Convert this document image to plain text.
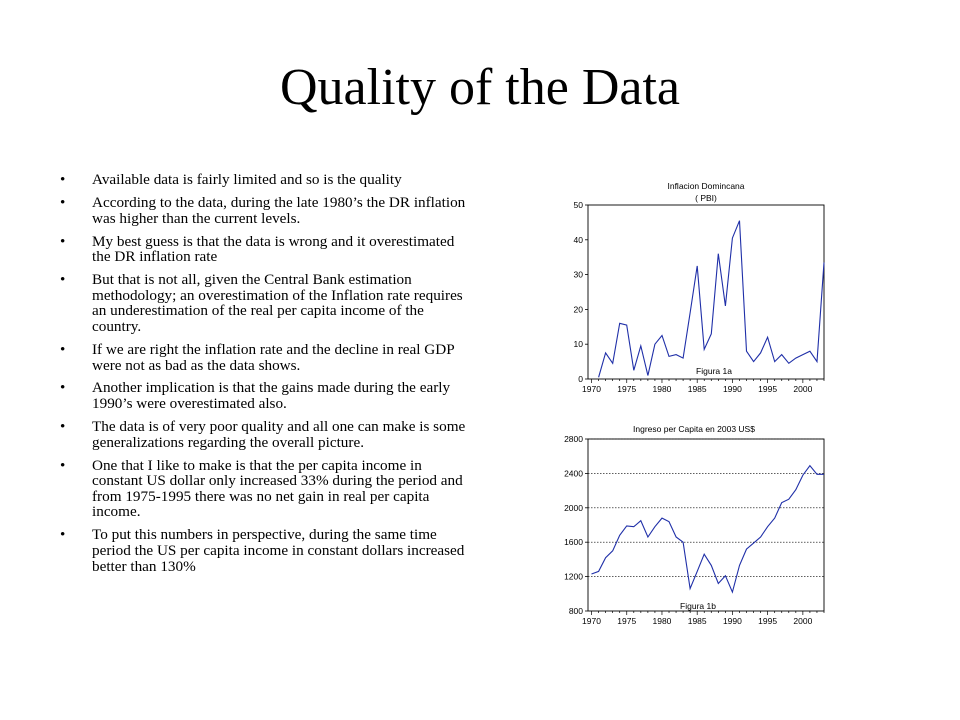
Quality of the Data
• Available data is fairly limited and so is the quality
• According to the data, during the late 1980’s the DR inflation was higher than the current levels.
• My best guess is that the data is wrong and it overestimated the DR inflation rate
• But that is not all, given the Central Bank estimation methodology; an overestimation of the Inflation rate requires an underestimation of the real per capita income of the country.
• If we are right the inflation rate and the decline in real GDP were not as bad as the data shows.
• Another implication is that the gains made during the early 1990’s were overestimated also.
• The data is of very poor quality and all one can make is some generalizations regarding the overall picture.
• One that I like to make is that the per capita income in constant US dollar only increased 33% during the period and from 1975-1995 there was no net gain in real per capita income.
• To put this numbers in perspective, during the same time period the US per capita income in constant dollars increased better than 130%
Inflacion Domincana
( PBI)
Figura 1a
0
10
20
30
40
50
1970 1975 1980 1985 1990 1995 2000
Ingreso per Capita en 2003 US$
Figura 1b
800
1200
1600
2000
2400
2800
1970 1975 1980 1985 1990 1995 2000
